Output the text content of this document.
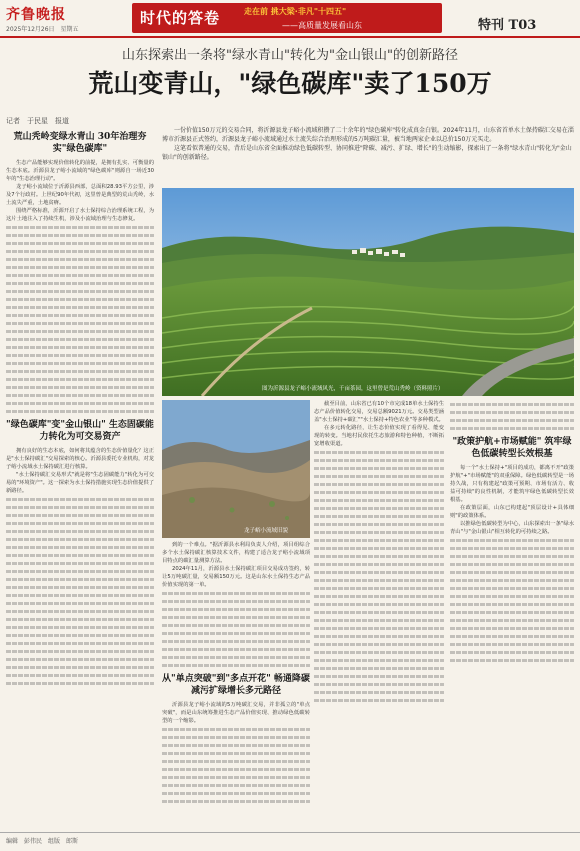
齐鲁晚报
2025年12月26日　星期五
时代的答卷	走在前 挑大梁·非凡"十四五"
——高质量发展看山东	特刊 T03
山东探索出一条将"绿水青山"转化为"金山银山"的创新路径
荒山变青山，"绿色碳库"卖了150万
记者　于民星　报道

一份价值150万元的交易合同，将沂源县龙子峪小流域积攒了二十余年的"绿色碳库"转化成真金白银。2024年11月，山东省首单水土保持碳汇交易在淄博市沂源县正式签约，沂源县龙子峪小流域通过水土流失综合治理形成的5万吨碳汇量，被当地两家企业以总价150万元买走。

这笔看似普通的交易，背后是山东省全面推动绿色低碳转型、协同推进"降碳、减污、扩绿、增长"的生动缩影，探索出了一条将"绿水青山"转化为"金山银山"的创新路径。

荒山秃岭变绿水青山 30年治理夯实"绿色碳库"

生态产品能够实现价值转化的前提，是拥有扎实、可衡量的生态本底。沂源县龙子峪小流域的"绿色碳库"则源自一场近30年的"生态治理行动"。

龙子峪小流域位于沂源县西部，总面积28.93平方公里，涉及7个行政村。上世纪90年代初，这里曾是典型的荒山秃岭，水土流失严重，土地贫瘠。

围绕严格标准，沂源开启了水土保持综合治理系统工程，为这片土地注入了持续生机，涉及小流域治理与生态修复。

"绿色碳库"变"金山银山" 生态固碳能力转化为可交易资产

拥有良好的生态本底，如何将其蕴含的生态价值量化？这正是"水土保持碳汇"交易探索的核心。沂源县委托专业机构，对龙子峪小流域水土保持碳汇进行核算。

"水土保持碳汇交易形式"就是将"生态固碳能力"转化为可交易的"环境资产"。这一探索为水土保持措施实现生态价值提供了新路径。

图为沂源县龙子峪小流域风光，千亩茶园，这里曾是荒山秃岭（资料照片）
龙子峪小流域旧貌

到的一个难点。"据沂源县水利局负责人介绍，项目组综合多个水土保持碳汇核算技术文件，构建了适合龙子峪小流域项目特点的碳汇量测算方法。

2024年11月，沂源县水土保持碳汇项目交易成功签约，转让5万吨碳汇量，交易额150万元。这是山东水土保持生态产品价值实现的第一单。

从"单点突破"到"多点开花" 畅通降碳减污扩绿增长多元路径

沂源县龙子峪小流域的5万吨碳汇交易，并非孤立的"单点突破"，而是山东统筹推进生态产品价值实现、推动绿色低碳转型的一个缩影。

截至目前，山东省已有10个市完成18单水土保持生态产品价值转化交易，交易总额9021万元。交易类型涵盖"水土保持+碳汇""水土保持+特色农业"等多种模式。

在多元转化路径，让生态价值实现了看得见、能变现的转变。当地村民依托生态旅游和特色种植，不断拓宽增收渠道。	"政策护航+市场赋能" 筑牢绿色低碳转型长效根基

每一个"水土保持+"项目的成功，都离不开"政策护航"+"市场赋能"的双重保障。绿色低碳转型是一场持久战，只有构建起"政策可预期、市场有活力、收益可持续"的良性机制，才能筑牢绿色低碳转型长效根基。

在政策层面，山东已构建起"顶层设计+具体细则"的政策体系。

以推绿色低碳转型为中心，山东探索出一条"绿水青山"与"金山银山"相互转化的可持续之路。

编辑　彭伟民　组版　郎斯
